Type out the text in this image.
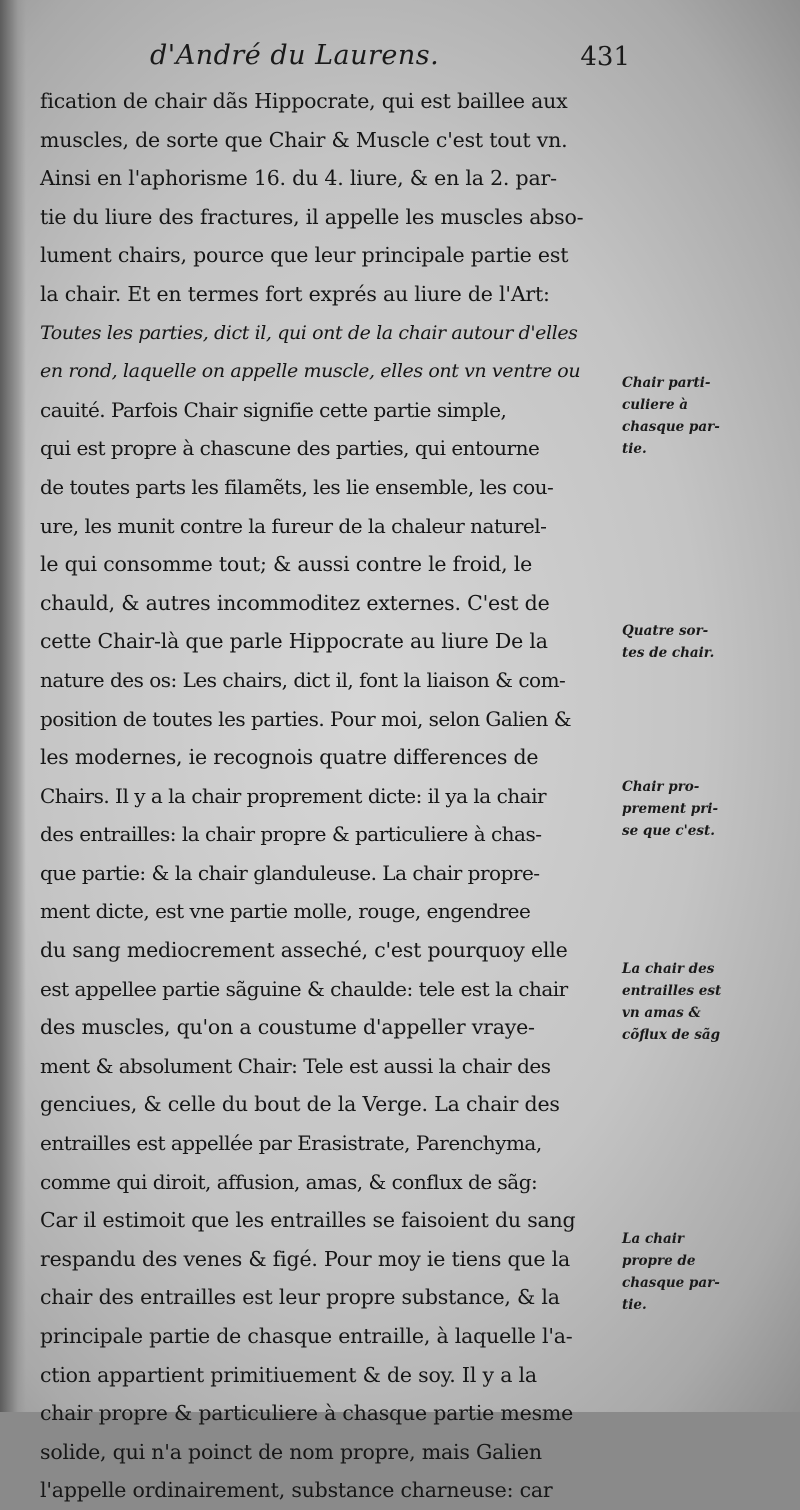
d'André du Laurens.	431
fication de chair dãs Hippocrate, qui est baillee aux
muscles, de sorte que Chair & Muscle c'est tout vn.
Ainsi en l'aphorisme 16. du 4. liure, & en la 2. par-
tie du liure des fractures, il appelle les muscles abso-
lument chairs, pource que leur principale partie est
la chair. Et en termes fort exprés au liure de l'Art:
Toutes les parties, dict il, qui ont de la chair autour d'elles
en rond, laquelle on appelle muscle, elles ont vn ventre ou
cauité. Parfois Chair signifie cette partie simple,
qui est propre à chascune des parties, qui entourne
de toutes parts les filamẽts, les lie ensemble, les cou-
ure, les munit contre la fureur de la chaleur naturel-
le qui consomme tout; & aussi contre le froid, le
chauld, & autres incommoditez externes. C'est de
cette Chair-là que parle Hippocrate au liure De la
nature des os: Les chairs, dict il, font la liaison & com-
position de toutes les parties. Pour moi, selon Galien &
les modernes, ie recognois quatre differences de
Chairs. Il y a la chair proprement dicte: il ya la chair
des entrailles: la chair propre & particuliere à chas-
que partie: & la chair glanduleuse. La chair propre-
ment dicte, est vne partie molle, rouge, engendree
du sang mediocrement asseché, c'est pourquoy elle
est appellee partie sãguine & chaulde: tele est la chair
des muscles, qu'on a coustume d'appeller vraye-
ment & absolument Chair: Tele est aussi la chair des
genciues, & celle du bout de la Verge. La chair des
entrailles est appellée par Erasistrate, Parenchyma,
comme qui diroit, affusion, amas, & conflux de sãg:
Car il estimoit que les entrailles se faisoient du sang
respandu des venes & figé. Pour moy ie tiens que la
chair des entrailles est leur propre substance, & la
principale partie de chasque entraille, à laquelle l'a-
ction appartient primitiuement & de soy. Il y a la
chair propre & particuliere à chasque partie mesme
solide, qui n'a poinct de nom propre, mais Galien
l'appelle ordinairement, substance charneuse: car
Chair parti-
culiere à
chasque par-
tie.
Quatre sor-
tes de chair.
Chair pro-
prement pri-
se que c'est.
La chair des
entrailles est
vn amas &
cõflux de sãg
La chair
propre de
chasque par-
tie.
